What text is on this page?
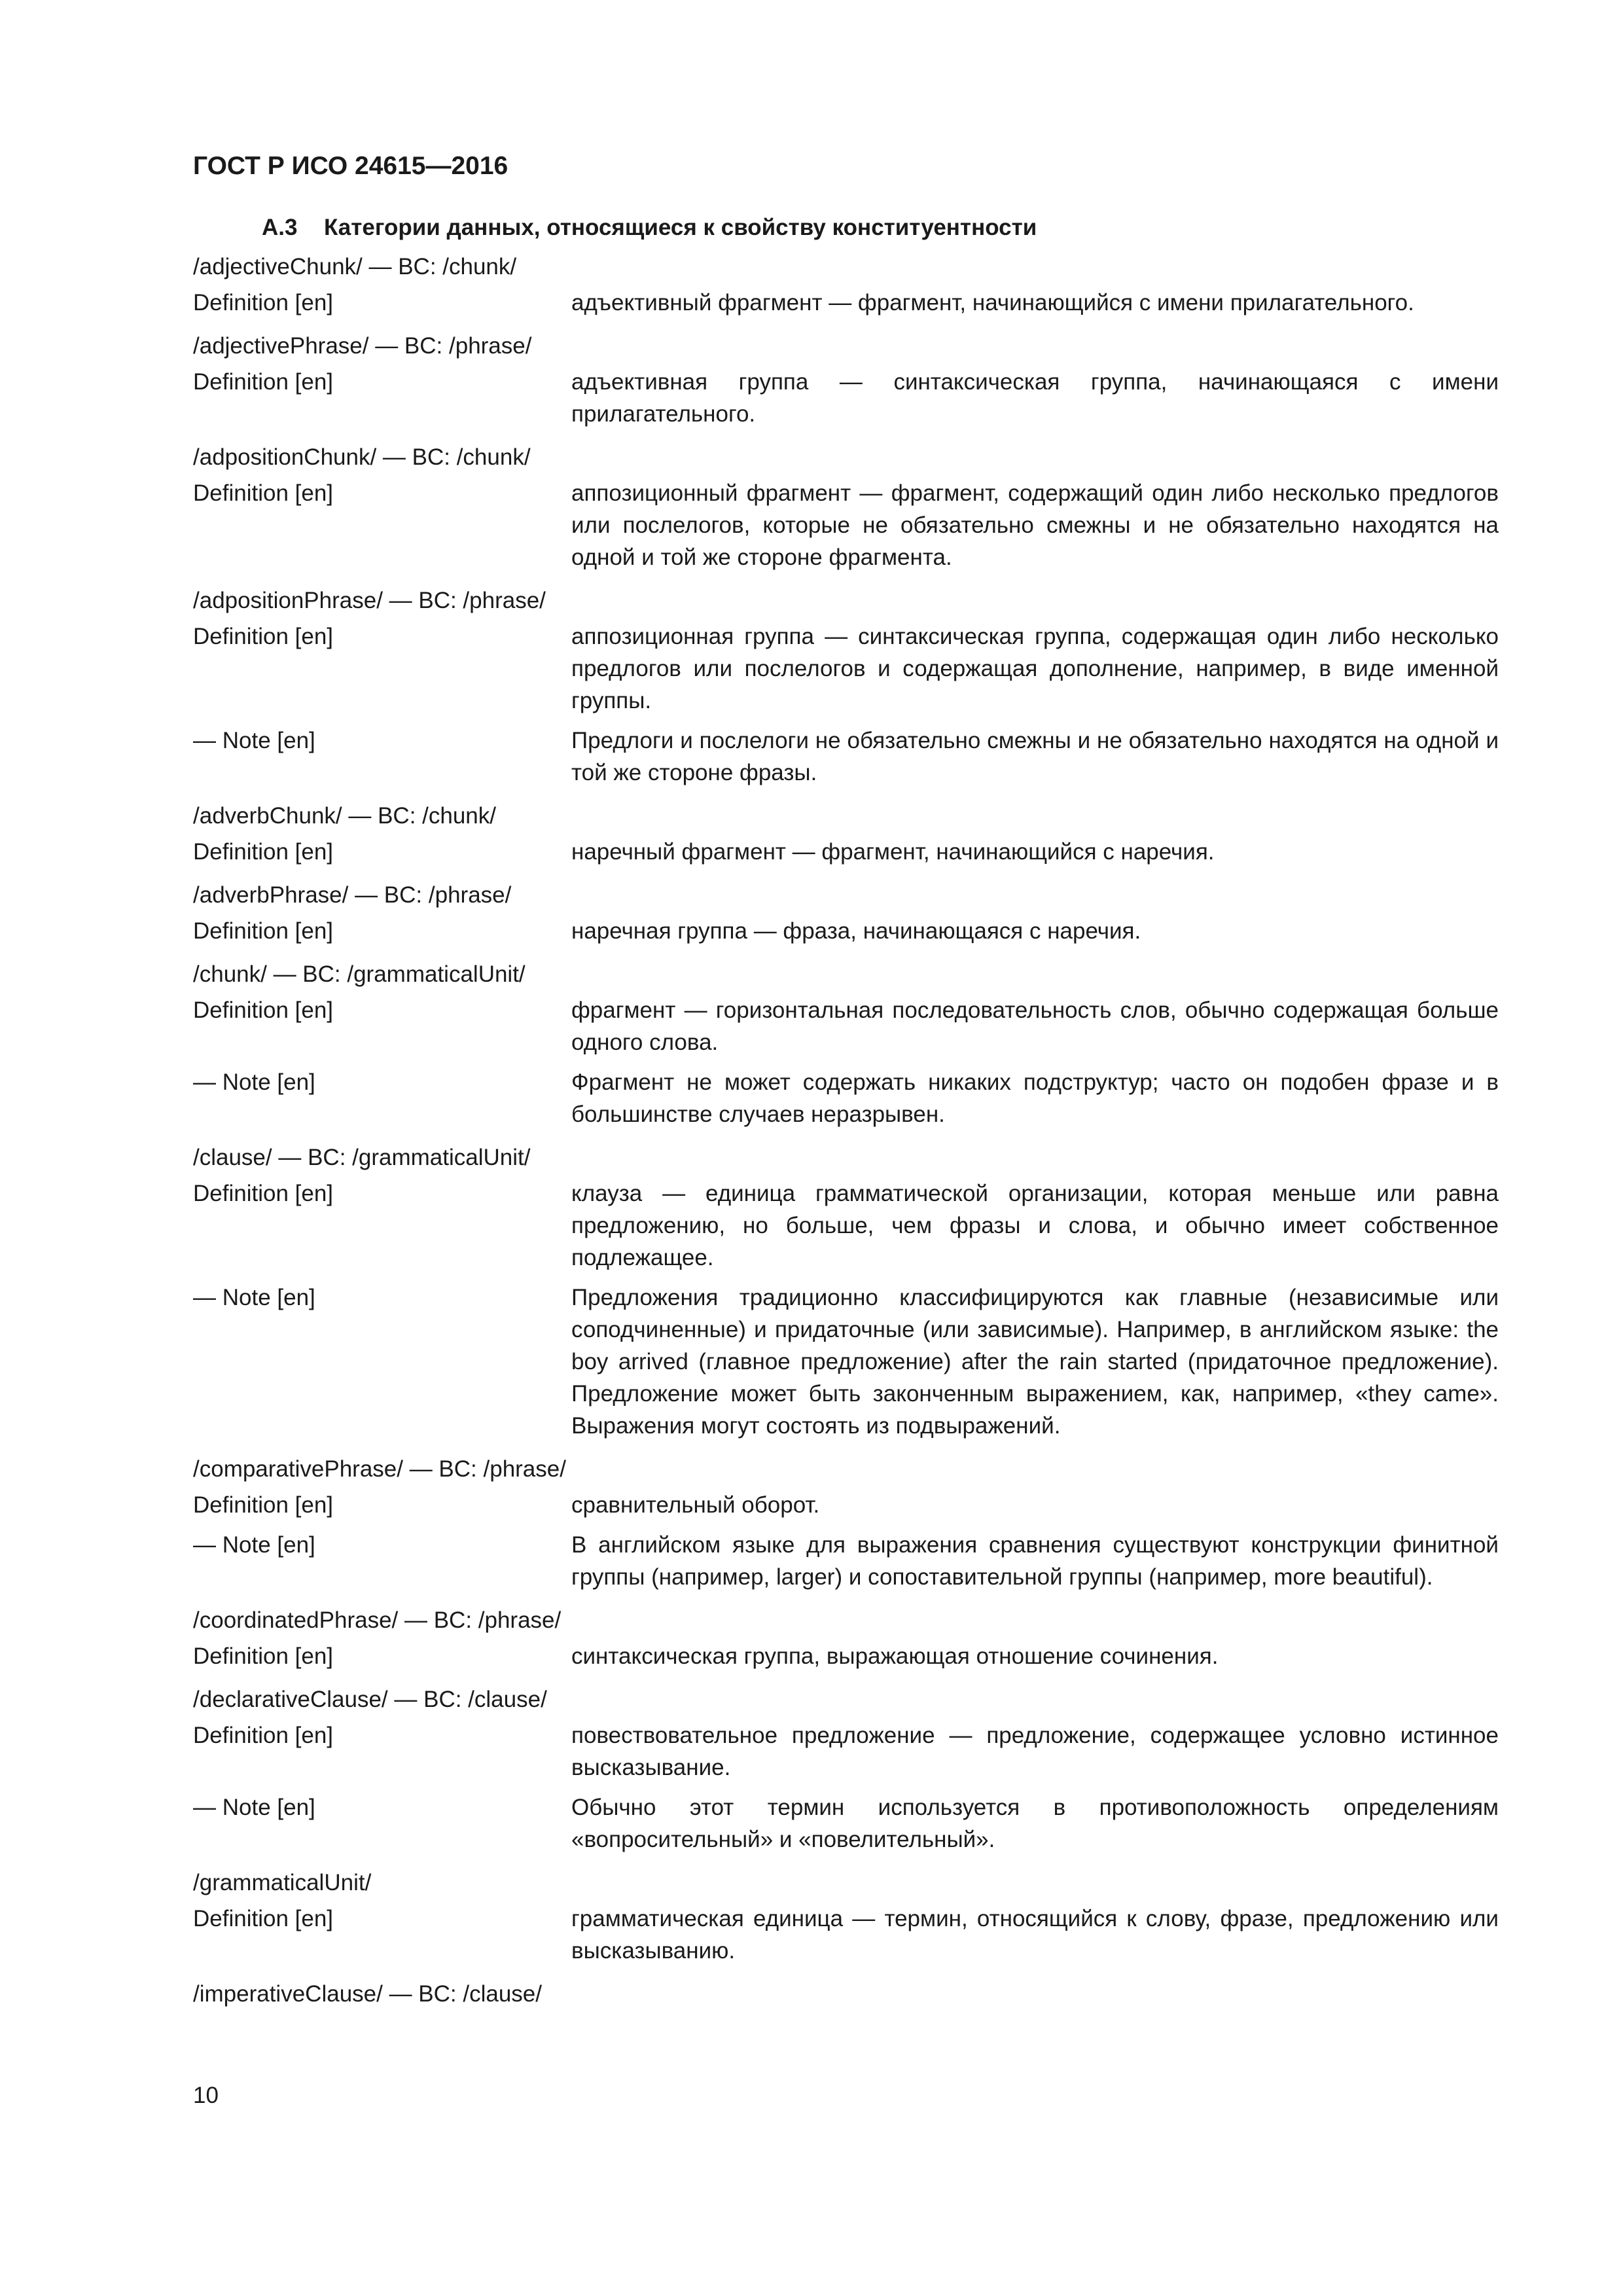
ГОСТ Р ИСО 24615—2016
А.3 Категории данных, относящиеся к свойству конституентности
/adjectiveChunk/ — BC: /chunk/
Definition [en]	адъективный фрагмент — фрагмент, начинающийся с имени прилагательного.
/adjectivePhrase/ — BC: /phrase/
Definition [en]	адъективная группа — синтаксическая группа, начинающаяся с имени прилагательного.
/adpositionChunk/ — BC: /chunk/
Definition [en]	аппозиционный фрагмент — фрагмент, содержащий один либо несколько предлогов или послелогов, которые не обязательно смежны и не обязательно находятся на одной и той же стороне фрагмента.
/adpositionPhrase/ — BC: /phrase/
Definition [en]	аппозиционная группа — синтаксическая группа, содержащая один либо несколько предлогов или послелогов и содержащая дополнение, например, в виде именной группы.
— Note [en]	Предлоги и послелоги не обязательно смежны и не обязательно находятся на одной и той же стороне фразы.
/adverbChunk/ — BC: /chunk/
Definition [en]	наречный фрагмент — фрагмент, начинающийся с наречия.
/adverbPhrase/ — BC: /phrase/
Definition [en]	наречная группа — фраза, начинающаяся с наречия.
/chunk/ — BC: /grammaticalUnit/
Definition [en]	фрагмент — горизонтальная последовательность слов, обычно содержащая больше одного слова.
— Note [en]	Фрагмент не может содержать никаких подструктур; часто он подобен фразе и в большинстве случаев неразрывен.
/clause/ — BC: /grammaticalUnit/
Definition [en]	клауза — единица грамматической организации, которая меньше или равна предложению, но больше, чем фразы и слова, и обычно имеет собственное подлежащее.
— Note [en]	Предложения традиционно классифицируются как главные (независимые или соподчиненные) и придаточные (или зависимые). Например, в английском языке: the boy arrived (главное предложение) after the rain started (придаточное предложение). Предложение может быть законченным выражением, как, например, «they came». Выражения могут состоять из подвыражений.
/comparativePhrase/ — BC: /phrase/
Definition [en]	сравнительный оборот.
— Note [en]	В английском языке для выражения сравнения существуют конструкции финитной группы (например, larger) и сопоставительной группы (например, more beautiful).
/coordinatedPhrase/ — BC: /phrase/
Definition [en]	синтаксическая группа, выражающая отношение сочинения.
/declarativeClause/ — BC: /clause/
Definition [en]	повествовательное предложение — предложение, содержащее условно истинное высказывание.
— Note [en]	Обычно этот термин используется в противоположность определениям «вопросительный» и «повелительный».
/grammaticalUnit/
Definition [en]	грамматическая единица — термин, относящийся к слову, фразе, предложению или высказыванию.
/imperativeClause/ — BC: /clause/
10
